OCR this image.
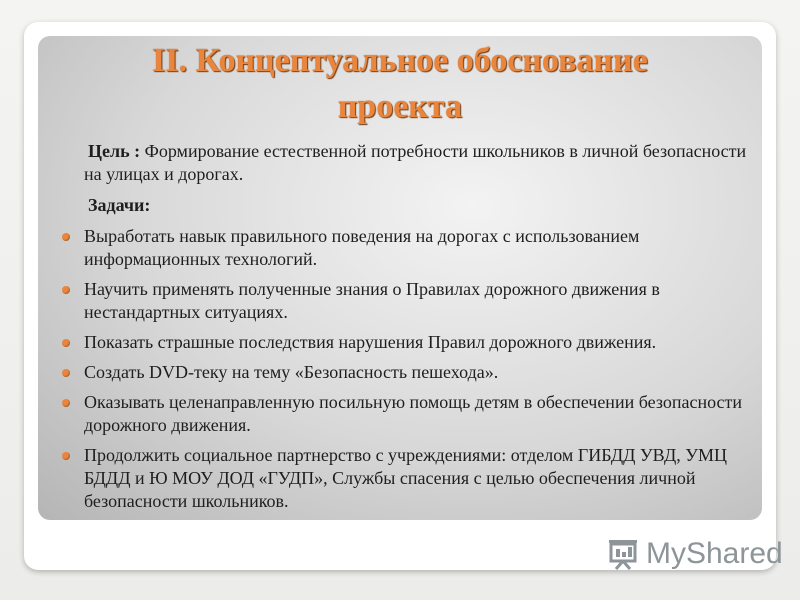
II. Концептуальное обоснование
проекта

Цель : Формирование естественной потребности школьников в личной безопасности на улицах и дорогах.

Задачи:

Выработать навык правильного поведения на дорогах с использованием информационных технологий.
Научить применять полученные знания о Правилах дорожного движения в нестандартных ситуациях.
Показать страшные последствия нарушения Правил дорожного движения.
Создать DVD-теку на тему «Безопасность пешехода».
Оказывать целенаправленную посильную помощь детям в обеспечении безопасности дорожного движения.
Продолжить социальное партнерство с учреждениями: отделом ГИБДД УВД, УМЦ БДДД и Ю МОУ ДОД «ГУДП», Службы спасения с целью обеспечения личной безопасности школьников.
MyShared
